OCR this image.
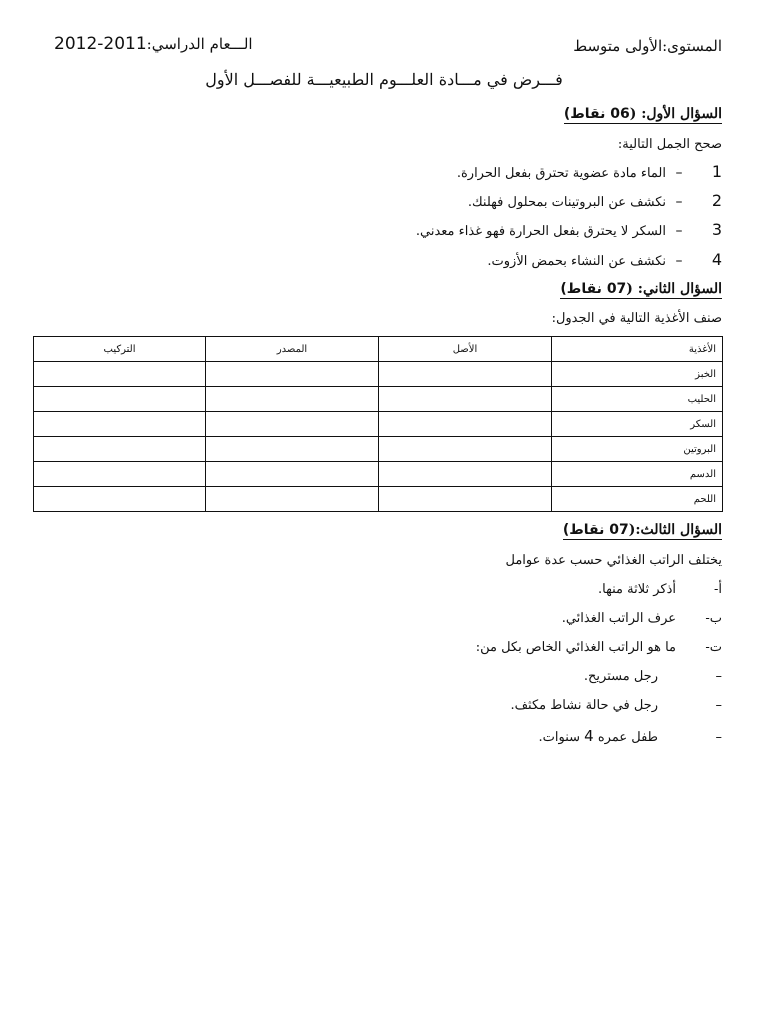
المستوى:الأولى متوسط
2012-2011الـــعام الدراسي:
فـــرض في مـــادة العلـــوم الطبيعيـــة للفصـــل الأول
السؤال الأول: (06 نقاط)
صحح الجمل التالية:
1–الماء مادة عضوية تحترق بفعل الحرارة.
2–نكشف عن البروتينات بمحلول فهلنك.
3–السكر لا يحترق بفعل الحرارة فهو غذاء معدني.
4–نكشف عن النشاء بحمض الأزوت.
السؤال الثاني: (07 نقاط)
صنف الأغذية التالية في الجدول:
الأغذية	الأصل	المصدر	التركيب
الخبز			
الحليب			
السكر			
البروتين			
الدسم			
اللحم			
السؤال الثالث:(07 نقاط)
يختلف الراتب الغذائي حسب عدة عوامل
أ-أذكر ثلاثة منها.
ب-عرف الراتب الغذائي.
ت-ما هو الراتب الغذائي الخاص بكل من:
–رجل مستريح.
–رجل في حالة نشاط مكثف.
–طفل عمره 4 سنوات.
